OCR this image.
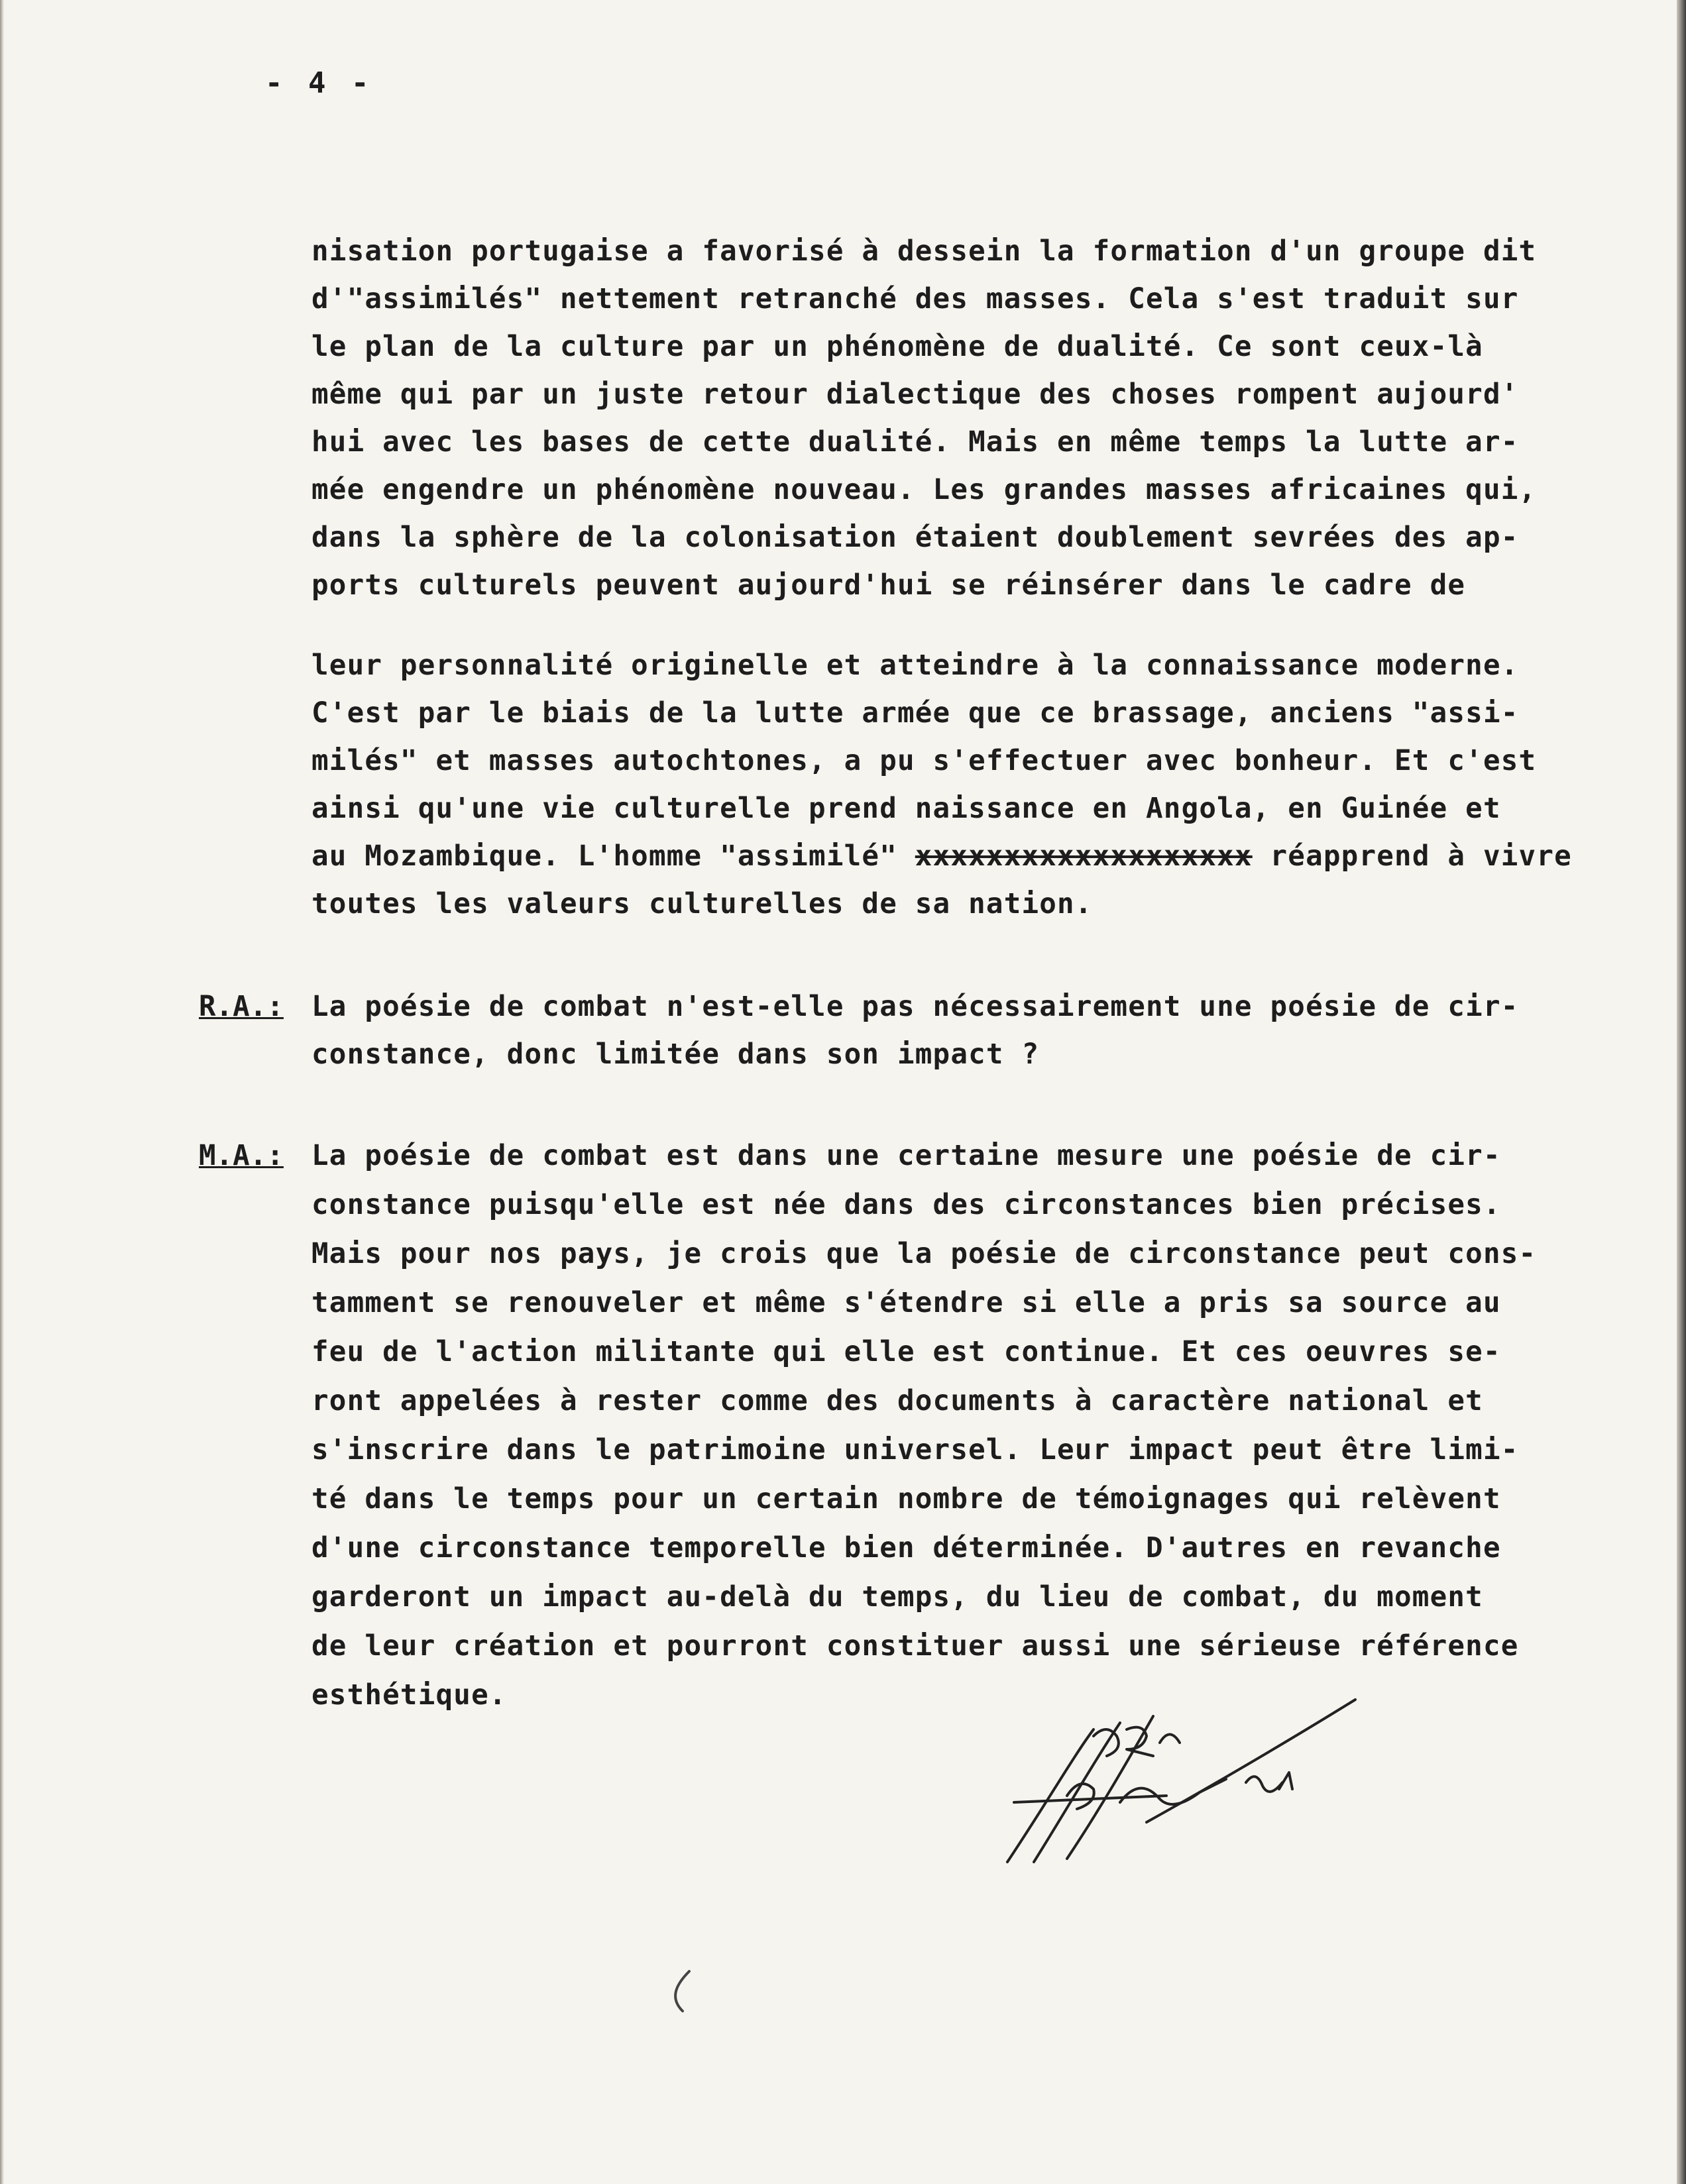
- 4 -
nisation portugaise a favorisé à dessein la formation d'un groupe dit
d'"assimilés" nettement retranché des masses. Cela s'est traduit sur
le plan de la culture par un phénomène de dualité. Ce sont ceux-là
même qui par un juste retour dialectique des choses rompent aujourd'
hui avec les bases de cette dualité. Mais en même temps la lutte ar-
mée engendre un phénomène nouveau. Les grandes masses africaines qui,
dans la sphère de la colonisation étaient doublement sevrées des ap-
ports culturels peuvent aujourd'hui se réinsérer dans le cadre de
leur personnalité originelle et atteindre à la connaissance moderne.
C'est par le biais de la lutte armée que ce brassage, anciens "assi-
milés" et masses autochtones, a pu s'effectuer avec bonheur. Et c'est
ainsi qu'une vie culturelle prend naissance en Angola, en Guinée et
au Mozambique. L'homme "assimilé" xxxxxxxxxxxxxxxxxxx réapprend à vivre
toutes les valeurs culturelles de sa nation.
R.A.: La poésie de combat n'est-elle pas nécessairement une poésie de cir-
constance, donc limitée dans son impact ?
M.A.: La poésie de combat est dans une certaine mesure une poésie de cir-
constance puisqu'elle est née dans des circonstances bien précises.
Mais pour nos pays, je crois que la poésie de circonstance peut cons-
tamment se renouveler et même s'étendre si elle a pris sa source au
feu de l'action militante qui elle est continue. Et ces oeuvres se-
ront appelées à rester comme des documents à caractère national et
s'inscrire dans le patrimoine universel. Leur impact peut être limi-
té dans le temps pour un certain nombre de témoignages qui relèvent
d'une circonstance temporelle bien déterminée. D'autres en revanche
garderont un impact au-delà du temps, du lieu de combat, du moment
de leur création et pourront constituer aussi une sérieuse référence
esthétique.
